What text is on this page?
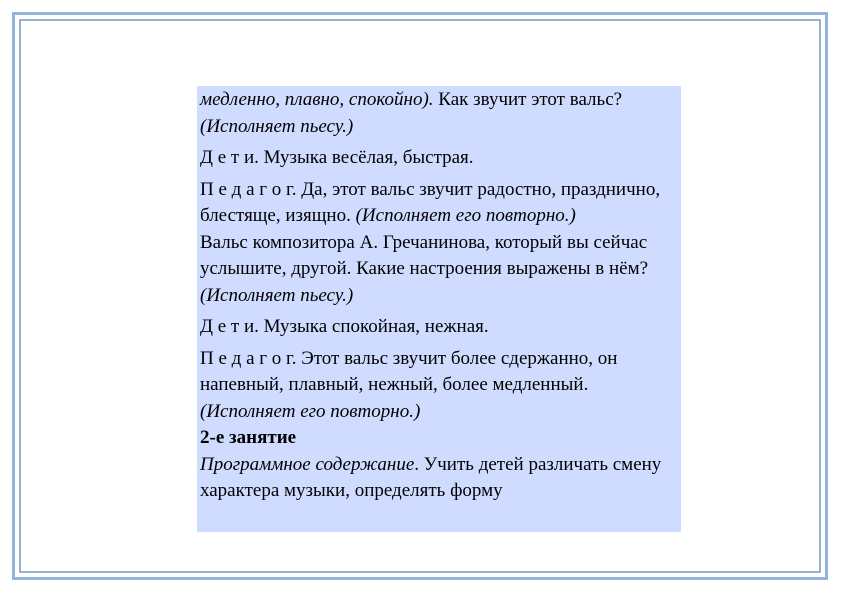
медленно, плавно, спокойно). Как звучит этот вальс? (Исполняет пьесу.)

Д е т и. Музыка весёлая, быстрая.

П е д а г о г. Да, этот вальс звучит радостно, празднично, блестяще, изящно. (Исполняет его повторно.)

Вальс композитора А. Гречанинова, который вы сейчас услышите, другой. Какие настроения выражены в нём? (Исполняет пьесу.)

Д е т и. Музыка спокойная, нежная.

П е д а г о г. Этот вальс звучит более сдержанно, он напевный, плавный, нежный, более медленный. (Исполняет его повторно.)

2-е занятие

Программное содержание. Учить детей различать смену характера музыки, определять форму
